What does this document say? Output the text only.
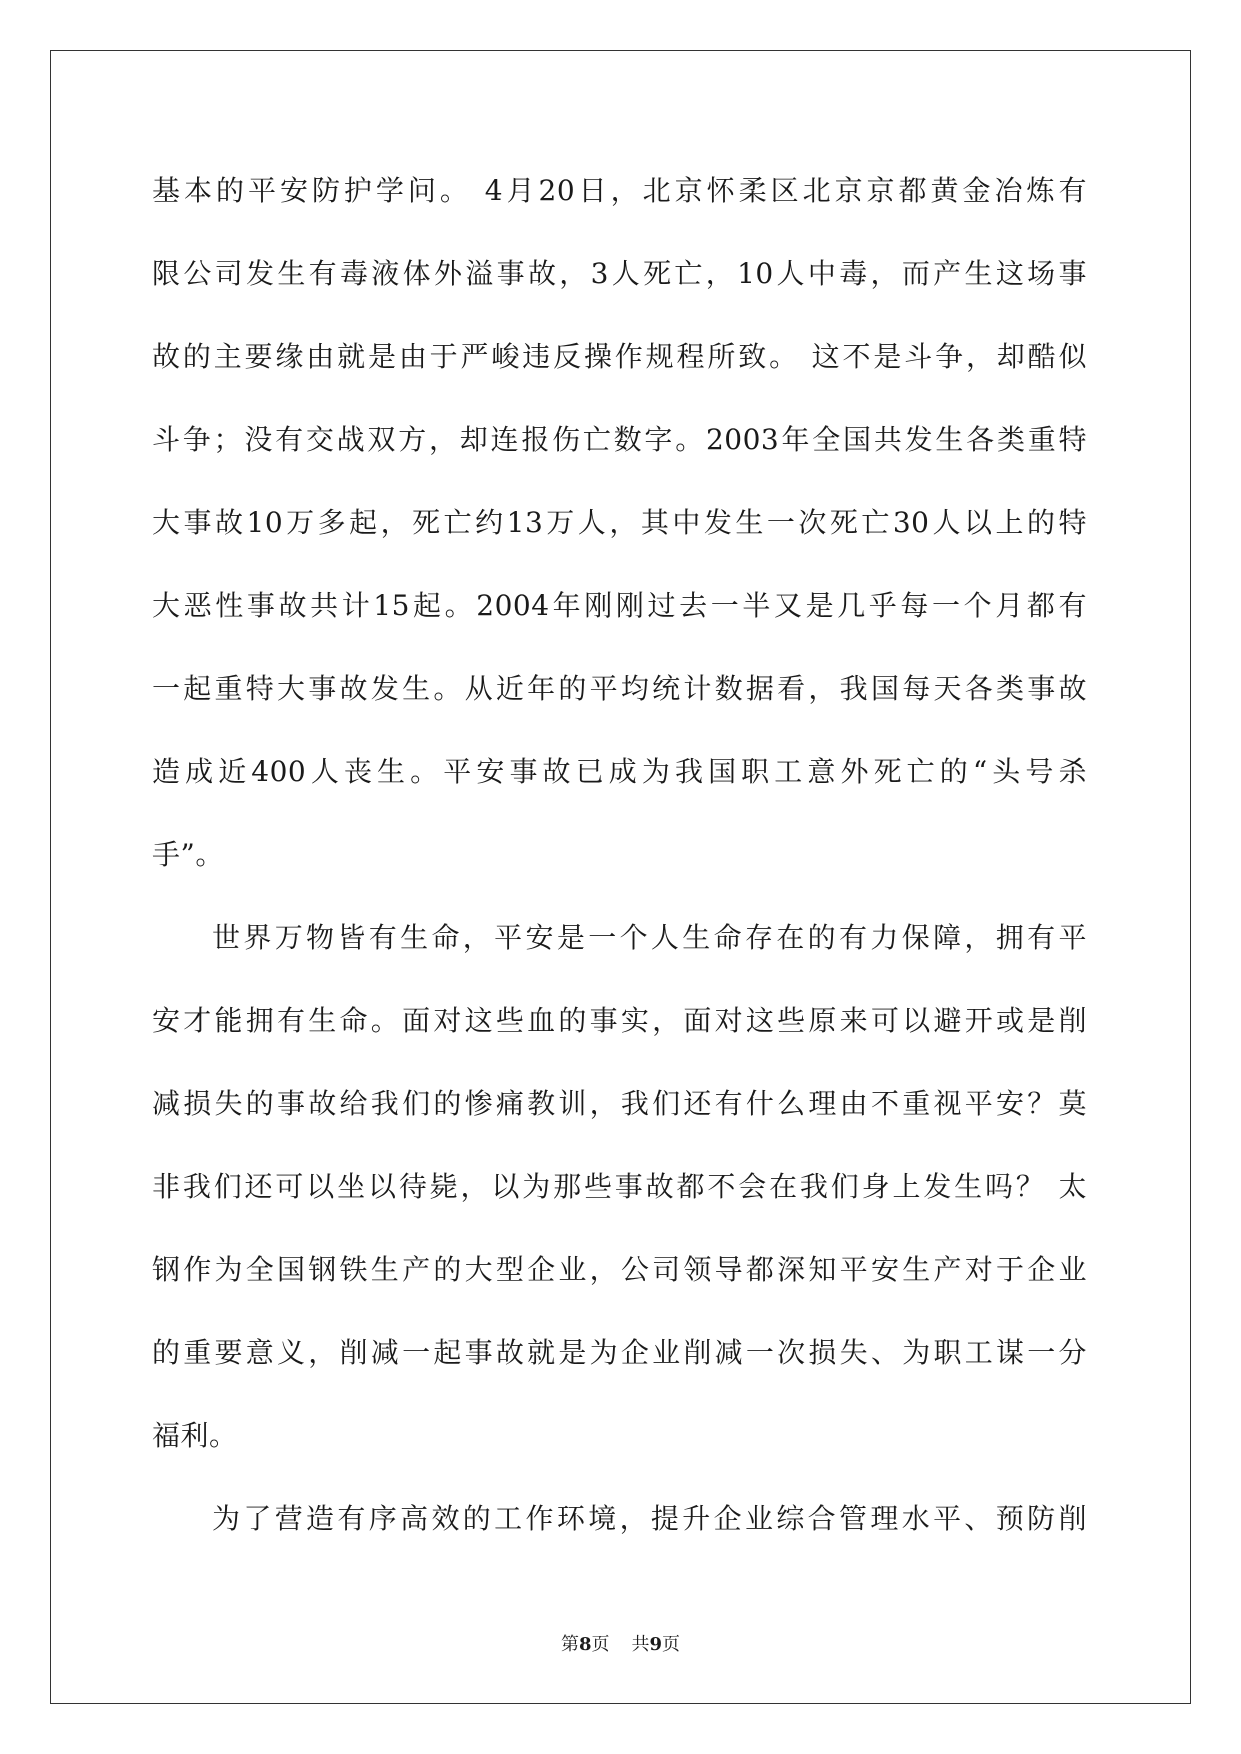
基本的平安防护学问。 4月20日，北京怀柔区北京京都黄金冶炼有
限公司发生有毒液体外溢事故，3人死亡，10人中毒，而产生这场事
故的主要缘由就是由于严峻违反操作规程所致。 这不是斗争，却酷似
斗争；没有交战双方，却连报伤亡数字。2003年全国共发生各类重特
大事故10万多起，死亡约13万人，其中发生一次死亡30人以上的特
大恶性事故共计15起。2004年刚刚过去一半又是几乎每一个月都有
一起重特大事故发生。从近年的平均统计数据看，我国每天各类事故
造成近400人丧生。平安事故已成为我国职工意外死亡的“头号杀
手”。
世界万物皆有生命，平安是一个人生命存在的有力保障，拥有平
安才能拥有生命。面对这些血的事实，面对这些原来可以避开或是削
减损失的事故给我们的惨痛教训，我们还有什么理由不重视平安？莫
非我们还可以坐以待毙，以为那些事故都不会在我们身上发生吗？ 太
钢作为全国钢铁生产的大型企业，公司领导都深知平安生产对于企业
的重要意义，削减一起事故就是为企业削减一次损失、为职工谋一分
福利。
为了营造有序高效的工作环境，提升企业综合管理水平、预防削
第8页 共9页
